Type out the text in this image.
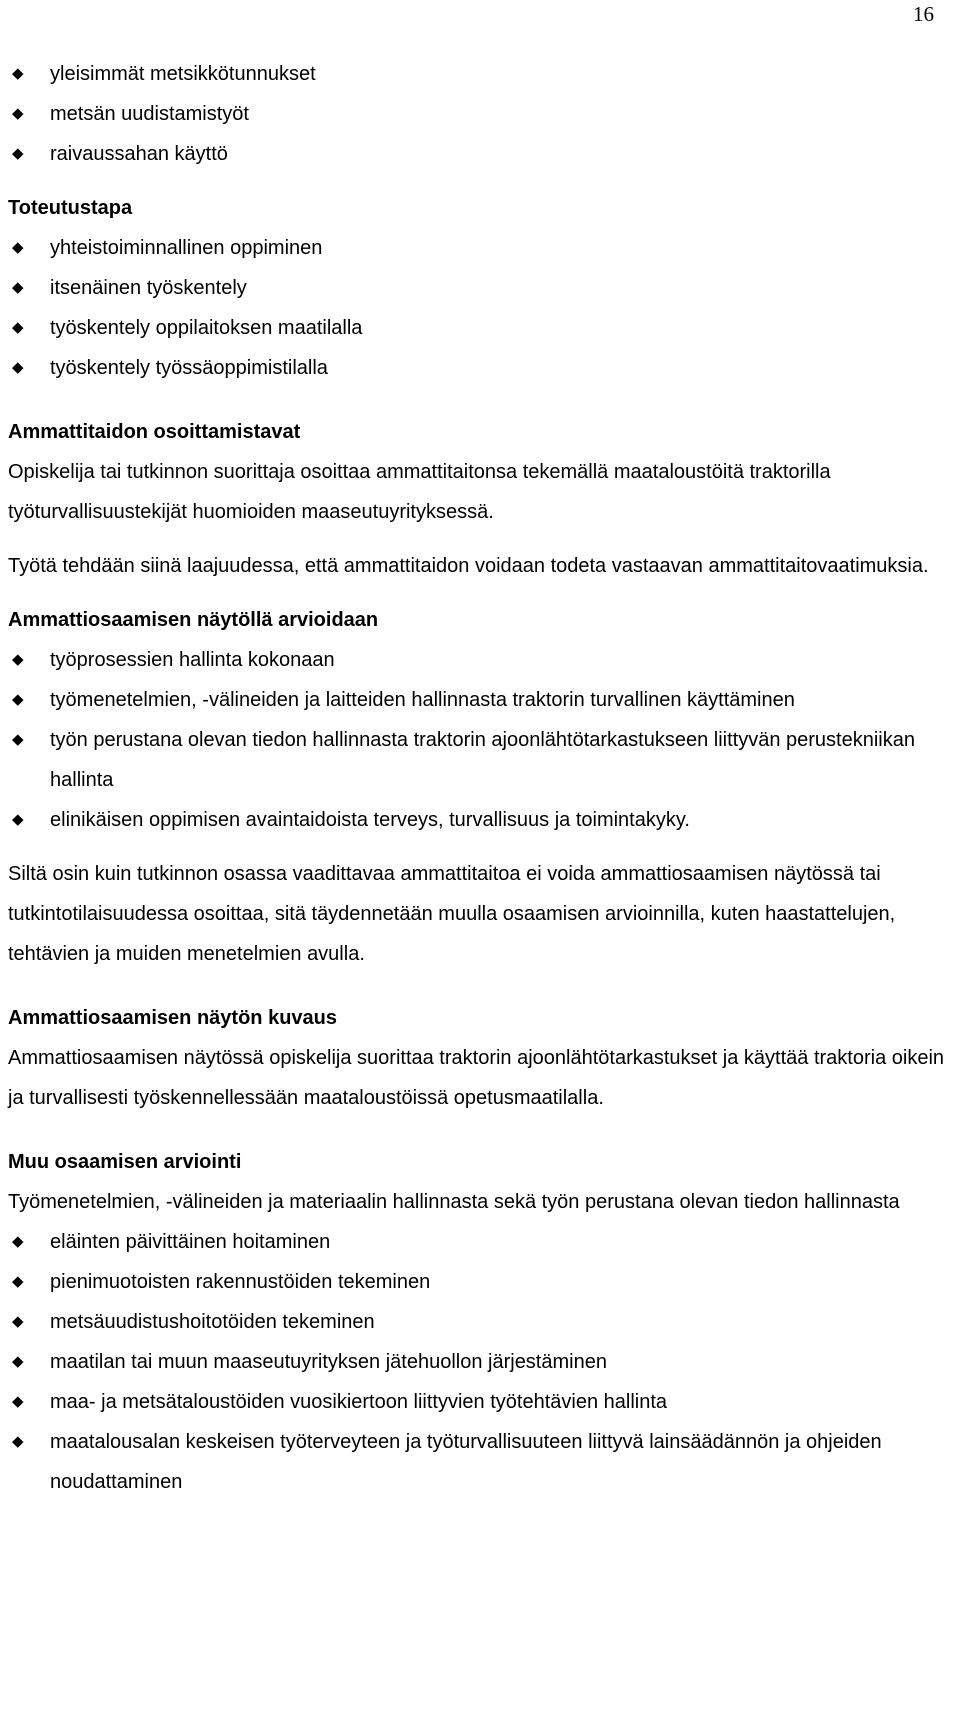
16
◆ yleisimmät metsikkötunnukset
◆ metsän uudistamistyöt
◆ raivaussahan käyttö
Toteutustapa
◆ yhteistoiminnallinen oppiminen
◆ itsenäinen työskentely
◆ työskentely oppilaitoksen maatilalla
◆ työskentely työssäoppimistilalla
Ammattitaidon osoittamistavat
Opiskelija tai tutkinnon suorittaja osoittaa ammattitaitonsa tekemällä maataloustöitä traktorilla työturvallisuustekijät huomioiden maaseutuyrityksessä.
Työtä tehdään siinä laajuudessa, että ammattitaidon voidaan todeta vastaavan ammattitaitovaatimuksia.
Ammattiosaamisen näytöllä arvioidaan
◆ työprosessien hallinta kokonaan
◆ työmenetelmien, -välineiden ja laitteiden hallinnasta traktorin turvallinen käyttäminen
◆ työn perustana olevan tiedon hallinnasta traktorin ajoonlähtötarkastukseen liittyvän perustekniikan hallinta
◆ elinikäisen oppimisen avaintaidoista terveys, turvallisuus ja toimintakyky.
Siltä osin kuin tutkinnon osassa vaadittavaa ammattitaitoa ei voida ammattiosaamisen näytössä tai tutkintotilaisuudessa osoittaa, sitä täydennetään muulla osaamisen arvioinnilla, kuten haastattelujen, tehtävien ja muiden menetelmien avulla.
Ammattiosaamisen näytön kuvaus
Ammattiosaamisen näytössä opiskelija suorittaa traktorin ajoonlähtötarkastukset ja käyttää traktoria oikein ja turvallisesti työskennellessään maataloustöissä opetusmaatilalla.
Muu osaamisen arviointi
Työmenetelmien, -välineiden ja materiaalin hallinnasta sekä työn perustana olevan tiedon hallinnasta
◆ eläinten päivittäinen hoitaminen
◆ pienimuotoisten rakennustöiden tekeminen
◆ metsäuudistushoitotöiden tekeminen
◆ maatilan tai muun maaseutuyrityksen jätehuollon järjestäminen
◆ maa- ja metsätaloustöiden vuosikiertoon liittyvien työtehtävien hallinta
◆ maatalousalan keskeisen työterveyteen ja työturvallisuuteen liittyvä lainsäädännön ja ohjeiden noudattaminen
